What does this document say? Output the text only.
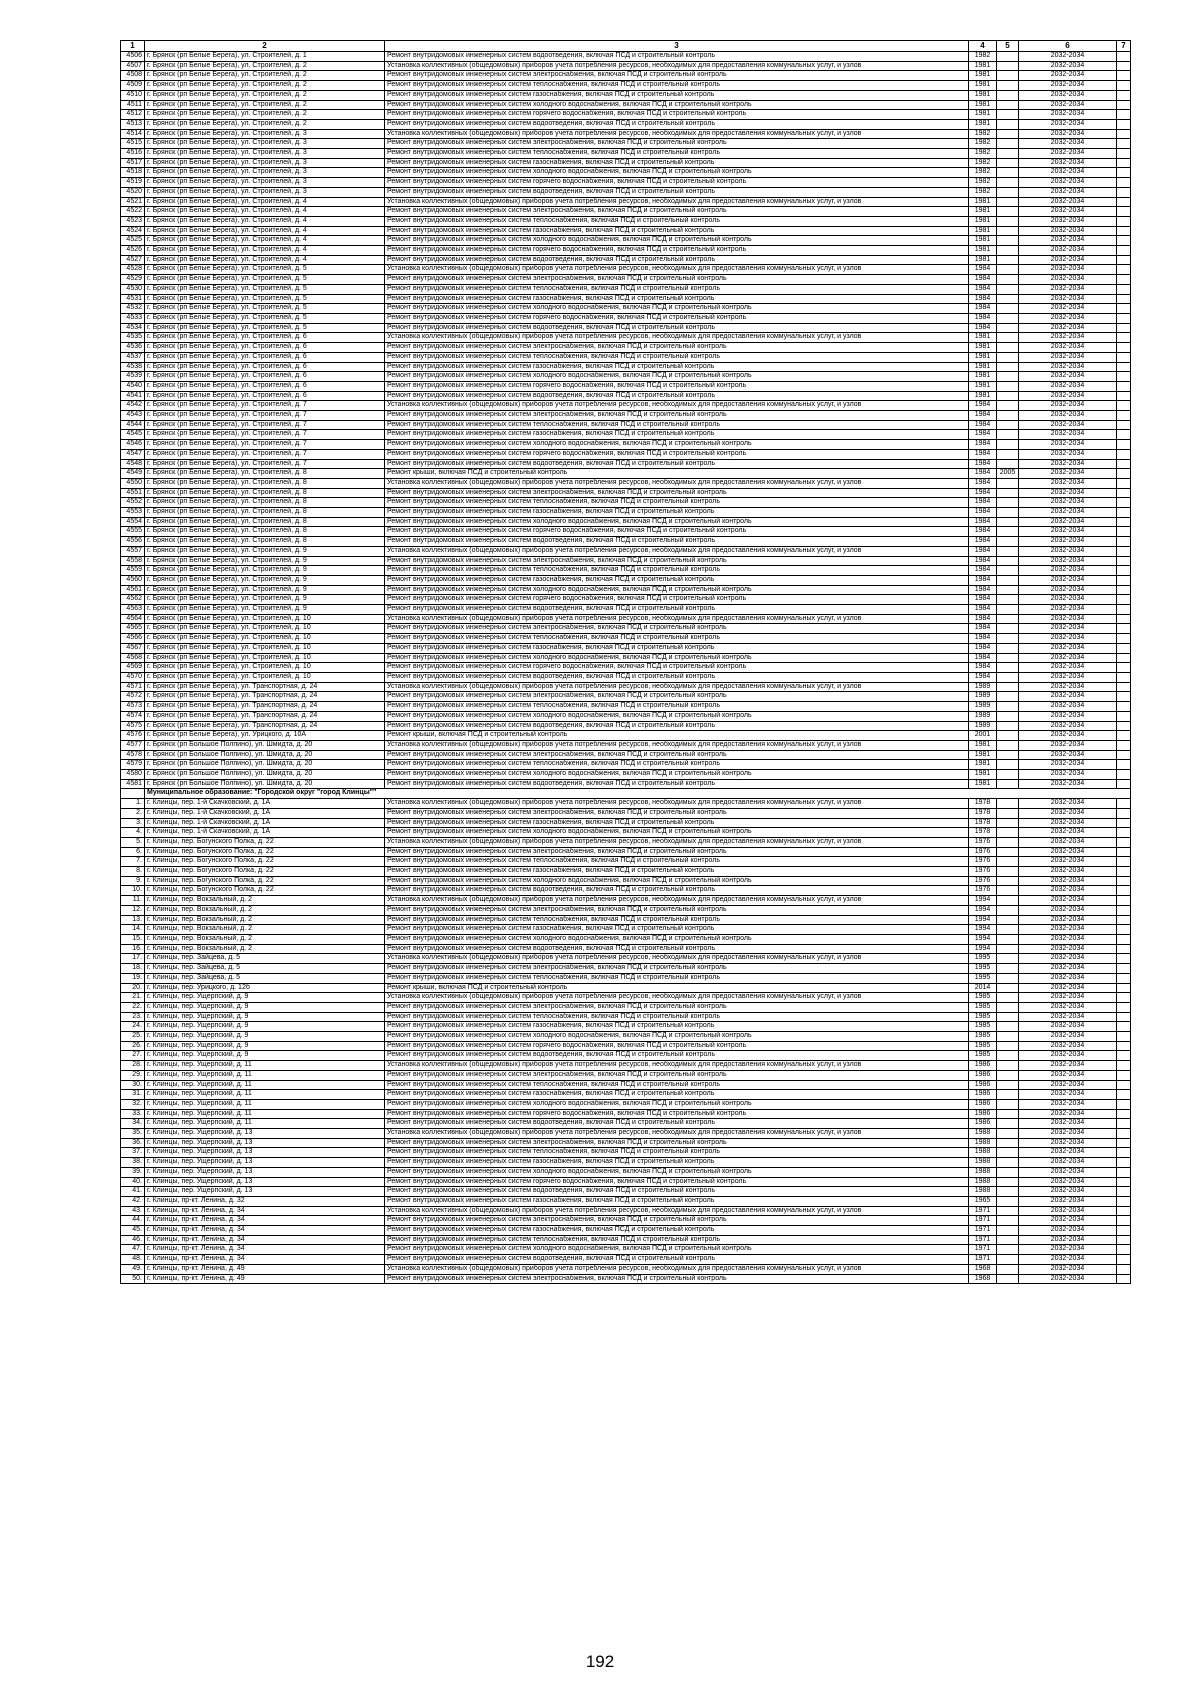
1	2	3	4	5	6	7
4506	г. Брянск (рп Белые Берега), ул. Строителей, д. 1	Ремонт внутридомовых инженерных систем водоотведения, включая ПСД и строительный контроль	1982		2032-2034	
4507	г. Брянск (рп Белые Берега), ул. Строителей, д. 2	Установка коллективных (общедомовых) приборов учета потребления ресурсов, необходимых для предоставления коммунальных услуг, и узлов	1981		2032-2034	
4508	г. Брянск (рп Белые Берега), ул. Строителей, д. 2	Ремонт внутридомовых инженерных систем электроснабжения, включая ПСД и строительный контроль	1981		2032-2034	
4509	г. Брянск (рп Белые Берега), ул. Строителей, д. 2	Ремонт внутридомовых инженерных систем теплоснабжения, включая ПСД и строительный контроль	1981		2032-2034	
4510	г. Брянск (рп Белые Берега), ул. Строителей, д. 2	Ремонт внутридомовых инженерных систем газоснабжения, включая ПСД и строительный контроль	1981		2032-2034	
4511	г. Брянск (рп Белые Берега), ул. Строителей, д. 2	Ремонт внутридомовых инженерных систем холодного водоснабжения, включая ПСД и строительный контроль	1981		2032-2034	
4512	г. Брянск (рп Белые Берега), ул. Строителей, д. 2	Ремонт внутридомовых инженерных систем горячего водоснабжения, включая ПСД и строительный контроль	1981		2032-2034	
4513	г. Брянск (рп Белые Берега), ул. Строителей, д. 2	Ремонт внутридомовых инженерных систем водоотведения, включая ПСД и строительный контроль	1981		2032-2034	
4514	г. Брянск (рп Белые Берега), ул. Строителей, д. 3	Установка коллективных (общедомовых) приборов учета потребления ресурсов, необходимых для предоставления коммунальных услуг, и узлов	1982		2032-2034	
4515	г. Брянск (рп Белые Берега), ул. Строителей, д. 3	Ремонт внутридомовых инженерных систем электроснабжения, включая ПСД и строительный контроль	1982		2032-2034	
4516	г. Брянск (рп Белые Берега), ул. Строителей, д. 3	Ремонт внутридомовых инженерных систем теплоснабжения, включая ПСД и строительный контроль	1982		2032-2034	
4517	г. Брянск (рп Белые Берега), ул. Строителей, д. 3	Ремонт внутридомовых инженерных систем газоснабжения, включая ПСД и строительный контроль	1982		2032-2034	
4518	г. Брянск (рп Белые Берега), ул. Строителей, д. 3	Ремонт внутридомовых инженерных систем холодного водоснабжения, включая ПСД и строительный контроль	1982		2032-2034	
4519	г. Брянск (рп Белые Берега), ул. Строителей, д. 3	Ремонт внутридомовых инженерных систем горячего водоснабжения, включая ПСД и строительный контроль	1982		2032-2034	
4520	г. Брянск (рп Белые Берега), ул. Строителей, д. 3	Ремонт внутридомовых инженерных систем водоотведения, включая ПСД и строительный контроль	1982		2032-2034	
4521	г. Брянск (рп Белые Берега), ул. Строителей, д. 4	Установка коллективных (общедомовых) приборов учета потребления ресурсов, необходимых для предоставления коммунальных услуг, и узлов	1981		2032-2034	
4522	г. Брянск (рп Белые Берега), ул. Строителей, д. 4	Ремонт внутридомовых инженерных систем электроснабжения, включая ПСД и строительный контроль	1981		2032-2034	
4523	г. Брянск (рп Белые Берега), ул. Строителей, д. 4	Ремонт внутридомовых инженерных систем теплоснабжения, включая ПСД и строительный контроль	1981		2032-2034	
4524	г. Брянск (рп Белые Берега), ул. Строителей, д. 4	Ремонт внутридомовых инженерных систем газоснабжения, включая ПСД и строительный контроль	1981		2032-2034	
4525	г. Брянск (рп Белые Берега), ул. Строителей, д. 4	Ремонт внутридомовых инженерных систем холодного водоснабжения, включая ПСД и строительный контроль	1981		2032-2034	
4526	г. Брянск (рп Белые Берега), ул. Строителей, д. 4	Ремонт внутридомовых инженерных систем горячего водоснабжения, включая ПСД и строительный контроль	1981		2032-2034	
4527	г. Брянск (рп Белые Берега), ул. Строителей, д. 4	Ремонт внутридомовых инженерных систем водоотведения, включая ПСД и строительный контроль	1981		2032-2034	
4528	г. Брянск (рп Белые Берега), ул. Строителей, д. 5	Установка коллективных (общедомовых) приборов учета потребления ресурсов, необходимых для предоставления коммунальных услуг, и узлов	1984		2032-2034	
4529	г. Брянск (рп Белые Берега), ул. Строителей, д. 5	Ремонт внутридомовых инженерных систем электроснабжения, включая ПСД и строительный контроль	1984		2032-2034	
4530	г. Брянск (рп Белые Берега), ул. Строителей, д. 5	Ремонт внутридомовых инженерных систем теплоснабжения, включая ПСД и строительный контроль	1984		2032-2034	
4531	г. Брянск (рп Белые Берега), ул. Строителей, д. 5	Ремонт внутридомовых инженерных систем газоснабжения, включая ПСД и строительный контроль	1984		2032-2034	
4532	г. Брянск (рп Белые Берега), ул. Строителей, д. 5	Ремонт внутридомовых инженерных систем холодного водоснабжения, включая ПСД и строительный контроль	1984		2032-2034	
4533	г. Брянск (рп Белые Берега), ул. Строителей, д. 5	Ремонт внутридомовых инженерных систем горячего водоснабжения, включая ПСД и строительный контроль	1984		2032-2034	
4534	г. Брянск (рп Белые Берега), ул. Строителей, д. 5	Ремонт внутридомовых инженерных систем водоотведения, включая ПСД и строительный контроль	1984		2032-2034	
4535	г. Брянск (рп Белые Берега), ул. Строителей, д. 6	Установка коллективных (общедомовых) приборов учета потребления ресурсов, необходимых для предоставления коммунальных услуг, и узлов	1981		2032-2034	
4536	г. Брянск (рп Белые Берега), ул. Строителей, д. 6	Ремонт внутридомовых инженерных систем электроснабжения, включая ПСД и строительный контроль	1981		2032-2034	
4537	г. Брянск (рп Белые Берега), ул. Строителей, д. 6	Ремонт внутридомовых инженерных систем теплоснабжения, включая ПСД и строительный контроль	1981		2032-2034	
4538	г. Брянск (рп Белые Берега), ул. Строителей, д. 6	Ремонт внутридомовых инженерных систем газоснабжения, включая ПСД и строительный контроль	1981		2032-2034	
4539	г. Брянск (рп Белые Берега), ул. Строителей, д. 6	Ремонт внутридомовых инженерных систем холодного водоснабжения, включая ПСД и строительный контроль	1981		2032-2034	
4540	г. Брянск (рп Белые Берега), ул. Строителей, д. 6	Ремонт внутридомовых инженерных систем горячего водоснабжения, включая ПСД и строительный контроль	1981		2032-2034	
4541	г. Брянск (рп Белые Берега), ул. Строителей, д. 6	Ремонт внутридомовых инженерных систем водоотведения, включая ПСД и строительный контроль	1981		2032-2034	
4542	г. Брянск (рп Белые Берега), ул. Строителей, д. 7	Установка коллективных (общедомовых) приборов учета потребления ресурсов, необходимых для предоставления коммунальных услуг, и узлов	1984		2032-2034	
4543	г. Брянск (рп Белые Берега), ул. Строителей, д. 7	Ремонт внутридомовых инженерных систем электроснабжения, включая ПСД и строительный контроль	1984		2032-2034	
4544	г. Брянск (рп Белые Берега), ул. Строителей, д. 7	Ремонт внутридомовых инженерных систем теплоснабжения, включая ПСД и строительный контроль	1984		2032-2034	
4545	г. Брянск (рп Белые Берега), ул. Строителей, д. 7	Ремонт внутридомовых инженерных систем газоснабжения, включая ПСД и строительный контроль	1984		2032-2034	
4546	г. Брянск (рп Белые Берега), ул. Строителей, д. 7	Ремонт внутридомовых инженерных систем холодного водоснабжения, включая ПСД и строительный контроль	1984		2032-2034	
4547	г. Брянск (рп Белые Берега), ул. Строителей, д. 7	Ремонт внутридомовых инженерных систем горячего водоснабжения, включая ПСД и строительный контроль	1984		2032-2034	
4548	г. Брянск (рп Белые Берега), ул. Строителей, д. 7	Ремонт внутридомовых инженерных систем водоотведения, включая ПСД и строительный контроль	1984		2032-2034	
4549	г. Брянск (рп Белые Берега), ул. Строителей, д. 8	Ремонт крыши, включая ПСД и строительный контроль	1984	2005	2032-2034	
4550	г. Брянск (рп Белые Берега), ул. Строителей, д. 8	Установка коллективных (общедомовых) приборов учета потребления ресурсов, необходимых для предоставления коммунальных услуг, и узлов	1984		2032-2034	
4551	г. Брянск (рп Белые Берега), ул. Строителей, д. 8	Ремонт внутридомовых инженерных систем электроснабжения, включая ПСД и строительный контроль	1984		2032-2034	
4552	г. Брянск (рп Белые Берега), ул. Строителей, д. 8	Ремонт внутридомовых инженерных систем теплоснабжения, включая ПСД и строительный контроль	1984		2032-2034	
4553	г. Брянск (рп Белые Берега), ул. Строителей, д. 8	Ремонт внутридомовых инженерных систем газоснабжения, включая ПСД и строительный контроль	1984		2032-2034	
4554	г. Брянск (рп Белые Берега), ул. Строителей, д. 8	Ремонт внутридомовых инженерных систем холодного водоснабжения, включая ПСД и строительный контроль	1984		2032-2034	
4555	г. Брянск (рп Белые Берега), ул. Строителей, д. 8	Ремонт внутридомовых инженерных систем горячего водоснабжения, включая ПСД и строительный контроль	1984		2032-2034	
4556	г. Брянск (рп Белые Берега), ул. Строителей, д. 8	Ремонт внутридомовых инженерных систем водоотведения, включая ПСД и строительный контроль	1984		2032-2034	
4557	г. Брянск (рп Белые Берега), ул. Строителей, д. 9	Установка коллективных (общедомовых) приборов учета потребления ресурсов, необходимых для предоставления коммунальных услуг, и узлов	1984		2032-2034	
4558	г. Брянск (рп Белые Берега), ул. Строителей, д. 9	Ремонт внутридомовых инженерных систем электроснабжения, включая ПСД и строительный контроль	1984		2032-2034	
4559	г. Брянск (рп Белые Берега), ул. Строителей, д. 9	Ремонт внутридомовых инженерных систем теплоснабжения, включая ПСД и строительный контроль	1984		2032-2034	
4560	г. Брянск (рп Белые Берега), ул. Строителей, д. 9	Ремонт внутридомовых инженерных систем газоснабжения, включая ПСД и строительный контроль	1984		2032-2034	
4561	г. Брянск (рп Белые Берега), ул. Строителей, д. 9	Ремонт внутридомовых инженерных систем холодного водоснабжения, включая ПСД и строительный контроль	1984		2032-2034	
4562	г. Брянск (рп Белые Берега), ул. Строителей, д. 9	Ремонт внутридомовых инженерных систем горячего водоснабжения, включая ПСД и строительный контроль	1984		2032-2034	
4563	г. Брянск (рп Белые Берега), ул. Строителей, д. 9	Ремонт внутридомовых инженерных систем водоотведения, включая ПСД и строительный контроль	1984		2032-2034	
4564	г. Брянск (рп Белые Берега), ул. Строителей, д. 10	Установка коллективных (общедомовых) приборов учета потребления ресурсов, необходимых для предоставления коммунальных услуг, и узлов	1984		2032-2034	
4565	г. Брянск (рп Белые Берега), ул. Строителей, д. 10	Ремонт внутридомовых инженерных систем электроснабжения, включая ПСД и строительный контроль	1984		2032-2034	
4566	г. Брянск (рп Белые Берега), ул. Строителей, д. 10	Ремонт внутридомовых инженерных систем теплоснабжения, включая ПСД и строительный контроль	1984		2032-2034	
4567	г. Брянск (рп Белые Берега), ул. Строителей, д. 10	Ремонт внутридомовых инженерных систем газоснабжения, включая ПСД и строительный контроль	1984		2032-2034	
4568	г. Брянск (рп Белые Берега), ул. Строителей, д. 10	Ремонт внутридомовых инженерных систем холодного водоснабжения, включая ПСД и строительный контроль	1984		2032-2034	
4569	г. Брянск (рп Белые Берега), ул. Строителей, д. 10	Ремонт внутридомовых инженерных систем горячего водоснабжения, включая ПСД и строительный контроль	1984		2032-2034	
4570	г. Брянск (рп Белые Берега), ул. Строителей, д. 10	Ремонт внутридомовых инженерных систем водоотведения, включая ПСД и строительный контроль	1984		2032-2034	
4571	г. Брянск (рп Белые Берега), ул. Транспортная, д. 24	Установка коллективных (общедомовых) приборов учета потребления ресурсов, необходимых для предоставления коммунальных услуг, и узлов	1989		2032-2034	
4572	г. Брянск (рп Белые Берега), ул. Транспортная, д. 24	Ремонт внутридомовых инженерных систем электроснабжения, включая ПСД и строительный контроль	1989		2032-2034	
4573	г. Брянск (рп Белые Берега), ул. Транспортная, д. 24	Ремонт внутридомовых инженерных систем теплоснабжения, включая ПСД и строительный контроль	1989		2032-2034	
4574	г. Брянск (рп Белые Берега), ул. Транспортная, д. 24	Ремонт внутридомовых инженерных систем холодного водоснабжения, включая ПСД и строительный контроль	1989		2032-2034	
4575	г. Брянск (рп Белые Берега), ул. Транспортная, д. 24	Ремонт внутридомовых инженерных систем водоотведения, включая ПСД и строительный контроль	1989		2032-2034	
4576	г. Брянск (рп Белые Берега), ул. Урицкого, д. 10А	Ремонт крыши, включая ПСД и строительный контроль	2001		2032-2034	
4577	г. Брянск (рп Большое Полпино), ул. Шмидта, д. 20	Установка коллективных (общедомовых) приборов учета потребления ресурсов, необходимых для предоставления коммунальных услуг, и узлов	1981		2032-2034	
4578	г. Брянск (рп Большое Полпино), ул. Шмидта, д. 20	Ремонт внутридомовых инженерных систем электроснабжения, включая ПСД и строительный контроль	1981		2032-2034	
4579	г. Брянск (рп Большое Полпино), ул. Шмидта, д. 20	Ремонт внутридомовых инженерных систем теплоснабжения, включая ПСД и строительный контроль	1981		2032-2034	
4580	г. Брянск (рп Большое Полпино), ул. Шмидта, д. 20	Ремонт внутридомовых инженерных систем холодного водоснабжения, включая ПСД и строительный контроль	1981		2032-2034	
4581	г. Брянск (рп Большое Полпино), ул. Шмидта, д. 20	Ремонт внутридомовых инженерных систем водоотведения, включая ПСД и строительный контроль	1981		2032-2034	
	Муниципальное образование: "Городской округ "город Клинцы""					
1.	г. Клинцы, пер. 1-й Скачковский, д. 1А	Установка коллективных (общедомовых) приборов учета потребления ресурсов, необходимых для предоставления коммунальных услуг, и узлов	1978		2032-2034	
2.	г. Клинцы, пер. 1-й Скачковский, д. 1А	Ремонт внутридомовых инженерных систем электроснабжения, включая ПСД и строительный контроль	1978		2032-2034	
3.	г. Клинцы, пер. 1-й Скачковский, д. 1А	Ремонт внутридомовых инженерных систем газоснабжения, включая ПСД и строительный контроль	1978		2032-2034	
4.	г. Клинцы, пер. 1-й Скачковский, д. 1А	Ремонт внутридомовых инженерных систем холодного водоснабжения, включая ПСД и строительный контроль	1978		2032-2034	
5.	г. Клинцы, пер. Богунского Полка, д. 22	Установка коллективных (общедомовых) приборов учета потребления ресурсов, необходимых для предоставления коммунальных услуг, и узлов	1976		2032-2034	
6.	г. Клинцы, пер. Богунского Полка, д. 22	Ремонт внутридомовых инженерных систем электроснабжения, включая ПСД и строительный контроль	1976		2032-2034	
7.	г. Клинцы, пер. Богунского Полка, д. 22	Ремонт внутридомовых инженерных систем теплоснабжения, включая ПСД и строительный контроль	1976		2032-2034	
8.	г. Клинцы, пер. Богунского Полка, д. 22	Ремонт внутридомовых инженерных систем газоснабжения, включая ПСД и строительный контроль	1976		2032-2034	
9.	г. Клинцы, пер. Богунского Полка, д. 22	Ремонт внутридомовых инженерных систем холодного водоснабжения, включая ПСД и строительный контроль	1976		2032-2034	
10.	г. Клинцы, пер. Богунского Полка, д. 22	Ремонт внутридомовых инженерных систем водоотведения, включая ПСД и строительный контроль	1976		2032-2034	
11.	г. Клинцы, пер. Вокзальный, д. 2	Установка коллективных (общедомовых) приборов учета потребления ресурсов, необходимых для предоставления коммунальных услуг, и узлов	1994		2032-2034	
12.	г. Клинцы, пер. Вокзальный, д. 2	Ремонт внутридомовых инженерных систем электроснабжения, включая ПСД и строительный контроль	1994		2032-2034	
13.	г. Клинцы, пер. Вокзальный, д. 2	Ремонт внутридомовых инженерных систем теплоснабжения, включая ПСД и строительный контроль	1994		2032-2034	
14.	г. Клинцы, пер. Вокзальный, д. 2	Ремонт внутридомовых инженерных систем газоснабжения, включая ПСД и строительный контроль	1994		2032-2034	
15.	г. Клинцы, пер. Вокзальный, д. 2	Ремонт внутридомовых инженерных систем холодного водоснабжения, включая ПСД и строительный контроль	1994		2032-2034	
16.	г. Клинцы, пер. Вокзальный, д. 2	Ремонт внутридомовых инженерных систем водоотведения, включая ПСД и строительный контроль	1994		2032-2034	
17.	г. Клинцы, пер. Зайцева, д. 5	Установка коллективных (общедомовых) приборов учета потребления ресурсов, необходимых для предоставления коммунальных услуг, и узлов	1995		2032-2034	
18.	г. Клинцы, пер. Зайцева, д. 5	Ремонт внутридомовых инженерных систем электроснабжения, включая ПСД и строительный контроль	1995		2032-2034	
19.	г. Клинцы, пер. Зайцева, д. 5	Ремонт внутридомовых инженерных систем теплоснабжения, включая ПСД и строительный контроль	1995		2032-2034	
20.	г. Клинцы, пер. Урицкого, д. 12б	Ремонт крыши, включая ПСД и строительный контроль	2014		2032-2034	
21.	г. Клинцы, пер. Ущерпский, д. 9	Установка коллективных (общедомовых) приборов учета потребления ресурсов, необходимых для предоставления коммунальных услуг, и узлов	1985		2032-2034	
22.	г. Клинцы, пер. Ущерпский, д. 9	Ремонт внутридомовых инженерных систем электроснабжения, включая ПСД и строительный контроль	1985		2032-2034	
23.	г. Клинцы, пер. Ущерпский, д. 9	Ремонт внутридомовых инженерных систем теплоснабжения, включая ПСД и строительный контроль	1985		2032-2034	
24.	г. Клинцы, пер. Ущерпский, д. 9	Ремонт внутридомовых инженерных систем газоснабжения, включая ПСД и строительный контроль	1985		2032-2034	
25.	г. Клинцы, пер. Ущерпский, д. 9	Ремонт внутридомовых инженерных систем холодного водоснабжения, включая ПСД и строительный контроль	1985		2032-2034	
26.	г. Клинцы, пер. Ущерпский, д. 9	Ремонт внутридомовых инженерных систем горячего водоснабжения, включая ПСД и строительный контроль	1985		2032-2034	
27.	г. Клинцы, пер. Ущерпский, д. 9	Ремонт внутридомовых инженерных систем водоотведения, включая ПСД и строительный контроль	1985		2032-2034	
28.	г. Клинцы, пер. Ущерпский, д. 11	Установка коллективных (общедомовых) приборов учета потребления ресурсов, необходимых для предоставления коммунальных услуг, и узлов	1986		2032-2034	
29.	г. Клинцы, пер. Ущерпский, д. 11	Ремонт внутридомовых инженерных систем электроснабжения, включая ПСД и строительный контроль	1986		2032-2034	
30.	г. Клинцы, пер. Ущерпский, д. 11	Ремонт внутридомовых инженерных систем теплоснабжения, включая ПСД и строительный контроль	1986		2032-2034	
31.	г. Клинцы, пер. Ущерпский, д. 11	Ремонт внутридомовых инженерных систем газоснабжения, включая ПСД и строительный контроль	1986		2032-2034	
32.	г. Клинцы, пер. Ущерпский, д. 11	Ремонт внутридомовых инженерных систем холодного водоснабжения, включая ПСД и строительный контроль	1986		2032-2034	
33.	г. Клинцы, пер. Ущерпский, д. 11	Ремонт внутридомовых инженерных систем горячего водоснабжения, включая ПСД и строительный контроль	1986		2032-2034	
34.	г. Клинцы, пер. Ущерпский, д. 11	Ремонт внутридомовых инженерных систем водоотведения, включая ПСД и строительный контроль	1986		2032-2034	
35.	г. Клинцы, пер. Ущерпский, д. 13	Установка коллективных (общедомовых) приборов учета потребления ресурсов, необходимых для предоставления коммунальных услуг, и узлов	1988		2032-2034	
36.	г. Клинцы, пер. Ущерпский, д. 13	Ремонт внутридомовых инженерных систем электроснабжения, включая ПСД и строительный контроль	1988		2032-2034	
37.	г. Клинцы, пер. Ущерпский, д. 13	Ремонт внутридомовых инженерных систем теплоснабжения, включая ПСД и строительный контроль	1988		2032-2034	
38.	г. Клинцы, пер. Ущерпский, д. 13	Ремонт внутридомовых инженерных систем газоснабжения, включая ПСД и строительный контроль	1988		2032-2034	
39.	г. Клинцы, пер. Ущерпский, д. 13	Ремонт внутридомовых инженерных систем холодного водоснабжения, включая ПСД и строительный контроль	1988		2032-2034	
40.	г. Клинцы, пер. Ущерпский, д. 13	Ремонт внутридомовых инженерных систем горячего водоснабжения, включая ПСД и строительный контроль	1988		2032-2034	
41.	г. Клинцы, пер. Ущерпский, д. 13	Ремонт внутридомовых инженерных систем водоотведения, включая ПСД и строительный контроль	1988		2032-2034	
42.	г. Клинцы, пр-кт. Ленина, д. 32	Ремонт внутридомовых инженерных систем газоснабжения, включая ПСД и строительный контроль	1965		2032-2034	
43.	г. Клинцы, пр-кт. Ленина, д. 34	Установка коллективных (общедомовых) приборов учета потребления ресурсов, необходимых для предоставления коммунальных услуг, и узлов	1971		2032-2034	
44.	г. Клинцы, пр-кт. Ленина, д. 34	Ремонт внутридомовых инженерных систем электроснабжения, включая ПСД и строительный контроль	1971		2032-2034	
45.	г. Клинцы, пр-кт. Ленина, д. 34	Ремонт внутридомовых инженерных систем газоснабжения, включая ПСД и строительный контроль	1971		2032-2034	
46.	г. Клинцы, пр-кт. Ленина, д. 34	Ремонт внутридомовых инженерных систем теплоснабжения, включая ПСД и строительный контроль	1971		2032-2034	
47.	г. Клинцы, пр-кт. Ленина, д. 34	Ремонт внутридомовых инженерных систем холодного водоснабжения, включая ПСД и строительный контроль	1971		2032-2034	
48.	г. Клинцы, пр-кт. Ленина, д. 34	Ремонт внутридомовых инженерных систем водоотведения, включая ПСД и строительный контроль	1971		2032-2034	
49.	г. Клинцы, пр-кт. Ленина, д. 49	Установка коллективных (общедомовых) приборов учета потребления ресурсов, необходимых для предоставления коммунальных услуг, и узлов	1968		2032-2034	
50.	г. Клинцы, пр-кт. Ленина, д. 49	Ремонт внутридомовых инженерных систем электроснабжения, включая ПСД и строительный контроль	1968		2032-2034	
192
